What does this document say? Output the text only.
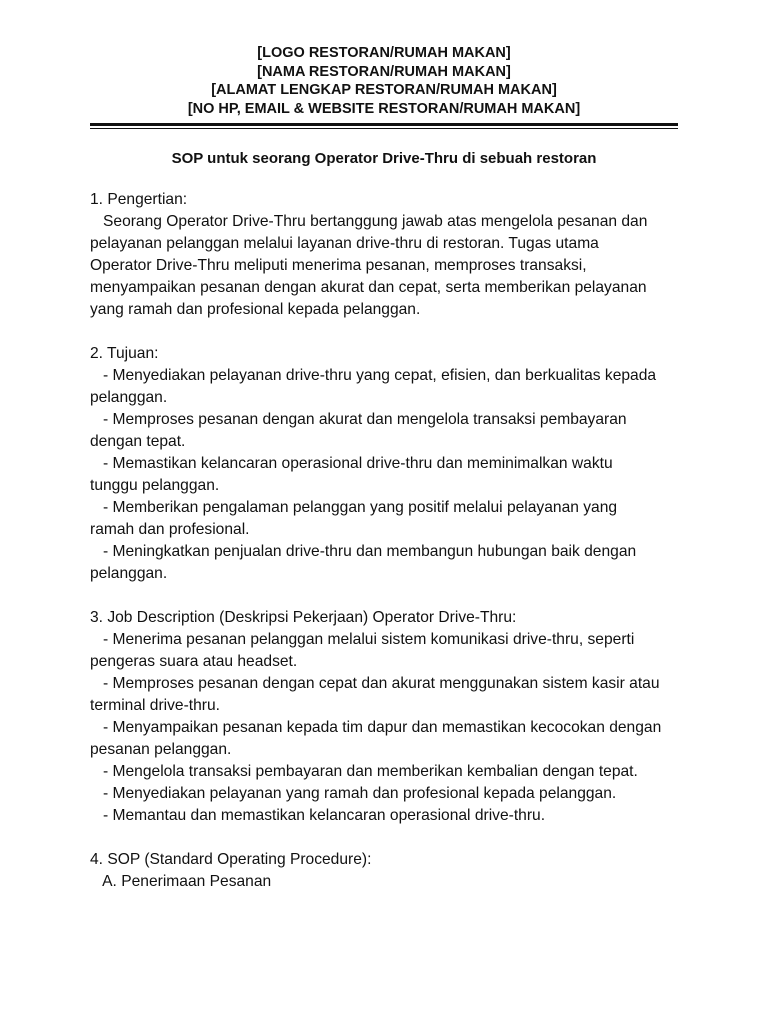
[LOGO RESTORAN/RUMAH MAKAN]
[NAMA RESTORAN/RUMAH MAKAN]
[ALAMAT LENGKAP RESTORAN/RUMAH MAKAN]
[NO HP, EMAIL & WEBSITE RESTORAN/RUMAH MAKAN]
SOP untuk seorang Operator Drive-Thru di sebuah restoran
1. Pengertian:
Seorang Operator Drive-Thru bertanggung jawab atas mengelola pesanan dan
pelayanan pelanggan melalui layanan drive-thru di restoran. Tugas utama
Operator Drive-Thru meliputi menerima pesanan, memproses transaksi,
menyampaikan pesanan dengan akurat dan cepat, serta memberikan pelayanan
yang ramah dan profesional kepada pelanggan.
2. Tujuan:
- Menyediakan pelayanan drive-thru yang cepat, efisien, dan berkualitas kepada
pelanggan.
- Memproses pesanan dengan akurat dan mengelola transaksi pembayaran
dengan tepat.
- Memastikan kelancaran operasional drive-thru dan meminimalkan waktu
tunggu pelanggan.
- Memberikan pengalaman pelanggan yang positif melalui pelayanan yang
ramah dan profesional.
- Meningkatkan penjualan drive-thru dan membangun hubungan baik dengan
pelanggan.
3. Job Description (Deskripsi Pekerjaan) Operator Drive-Thru:
- Menerima pesanan pelanggan melalui sistem komunikasi drive-thru, seperti
pengeras suara atau headset.
- Memproses pesanan dengan cepat dan akurat menggunakan sistem kasir atau
terminal drive-thru.
- Menyampaikan pesanan kepada tim dapur dan memastikan kecocokan dengan
pesanan pelanggan.
- Mengelola transaksi pembayaran dan memberikan kembalian dengan tepat.
- Menyediakan pelayanan yang ramah dan profesional kepada pelanggan.
- Memantau dan memastikan kelancaran operasional drive-thru.
4. SOP (Standard Operating Procedure):
A. Penerimaan Pesanan
